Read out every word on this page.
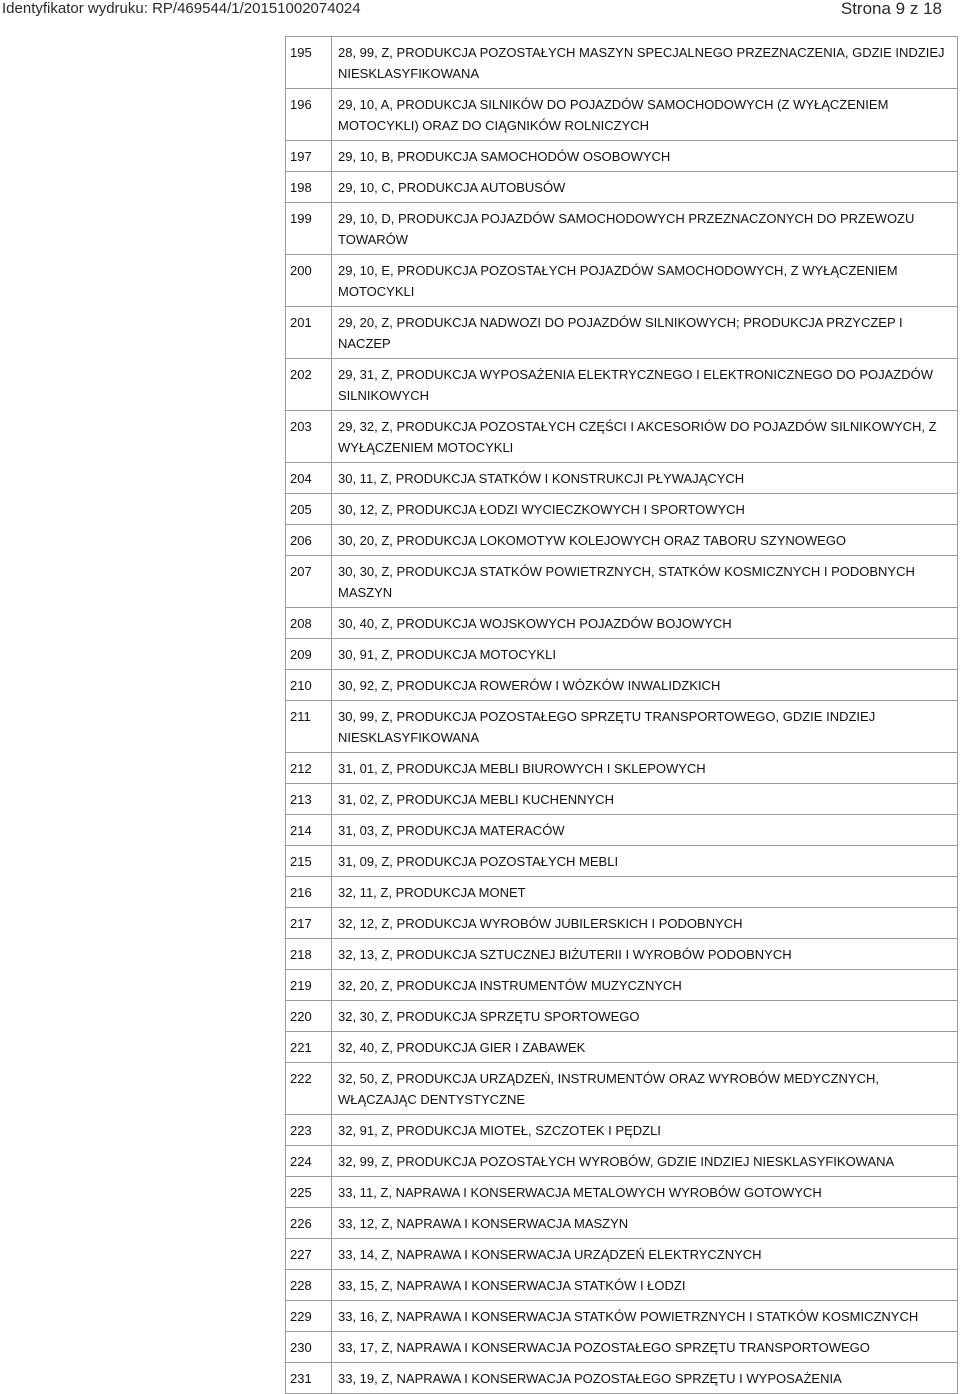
Identyfikator wydruku: RP/469544/1/20151002074024	Strona 9 z 18
195	28, 99, Z, PRODUKCJA POZOSTAŁYCH MASZYN SPECJALNEGO PRZEZNACZENIA, GDZIE INDZIEJ NIESKLASYFIKOWANA
196	29, 10, A, PRODUKCJA SILNIKÓW DO POJAZDÓW SAMOCHODOWYCH (Z WYŁĄCZENIEM MOTOCYKLI) ORAZ DO CIĄGNIKÓW ROLNICZYCH
197	29, 10, B, PRODUKCJA SAMOCHODÓW OSOBOWYCH
198	29, 10, C, PRODUKCJA AUTOBUSÓW
199	29, 10, D, PRODUKCJA POJAZDÓW SAMOCHODOWYCH PRZEZNACZONYCH DO PRZEWOZU TOWARÓW
200	29, 10, E, PRODUKCJA POZOSTAŁYCH POJAZDÓW SAMOCHODOWYCH, Z WYŁĄCZENIEM MOTOCYKLI
201	29, 20, Z, PRODUKCJA NADWOZI DO POJAZDÓW SILNIKOWYCH; PRODUKCJA PRZYCZEP I NACZEP
202	29, 31, Z, PRODUKCJA WYPOSAŻENIA ELEKTRYCZNEGO I ELEKTRONICZNEGO DO POJAZDÓW SILNIKOWYCH
203	29, 32, Z, PRODUKCJA POZOSTAŁYCH CZĘŚCI I AKCESORIÓW DO POJAZDÓW SILNIKOWYCH, Z WYŁĄCZENIEM MOTOCYKLI
204	30, 11, Z, PRODUKCJA STATKÓW I KONSTRUKCJI PŁYWAJĄCYCH
205	30, 12, Z, PRODUKCJA ŁODZI WYCIECZKOWYCH I SPORTOWYCH
206	30, 20, Z, PRODUKCJA LOKOMOTYW KOLEJOWYCH ORAZ TABORU SZYNOWEGO
207	30, 30, Z, PRODUKCJA STATKÓW POWIETRZNYCH, STATKÓW KOSMICZNYCH I PODOBNYCH MASZYN
208	30, 40, Z, PRODUKCJA WOJSKOWYCH POJAZDÓW BOJOWYCH
209	30, 91, Z, PRODUKCJA MOTOCYKLI
210	30, 92, Z, PRODUKCJA ROWERÓW I WÓZKÓW INWALIDZKICH
211	30, 99, Z, PRODUKCJA POZOSTAŁEGO SPRZĘTU TRANSPORTOWEGO, GDZIE INDZIEJ NIESKLASYFIKOWANA
212	31, 01, Z, PRODUKCJA MEBLI BIUROWYCH I SKLEPOWYCH
213	31, 02, Z, PRODUKCJA MEBLI KUCHENNYCH
214	31, 03, Z, PRODUKCJA MATERACÓW
215	31, 09, Z, PRODUKCJA POZOSTAŁYCH MEBLI
216	32, 11, Z, PRODUKCJA MONET
217	32, 12, Z, PRODUKCJA WYROBÓW JUBILERSKICH I PODOBNYCH
218	32, 13, Z, PRODUKCJA SZTUCZNEJ BIŻUTERII I WYROBÓW PODOBNYCH
219	32, 20, Z, PRODUKCJA INSTRUMENTÓW MUZYCZNYCH
220	32, 30, Z, PRODUKCJA SPRZĘTU SPORTOWEGO
221	32, 40, Z, PRODUKCJA GIER I ZABAWEK
222	32, 50, Z, PRODUKCJA URZĄDZEŃ, INSTRUMENTÓW ORAZ WYROBÓW MEDYCZNYCH, WŁĄCZAJĄC DENTYSTYCZNE
223	32, 91, Z, PRODUKCJA MIOTEŁ, SZCZOTEK I PĘDZLI
224	32, 99, Z, PRODUKCJA POZOSTAŁYCH WYROBÓW, GDZIE INDZIEJ NIESKLASYFIKOWANA
225	33, 11, Z, NAPRAWA I KONSERWACJA METALOWYCH WYROBÓW GOTOWYCH
226	33, 12, Z, NAPRAWA I KONSERWACJA MASZYN
227	33, 14, Z, NAPRAWA I KONSERWACJA URZĄDZEŃ ELEKTRYCZNYCH
228	33, 15, Z, NAPRAWA I KONSERWACJA STATKÓW I ŁODZI
229	33, 16, Z, NAPRAWA I KONSERWACJA STATKÓW POWIETRZNYCH I STATKÓW KOSMICZNYCH
230	33, 17, Z, NAPRAWA I KONSERWACJA POZOSTAŁEGO SPRZĘTU TRANSPORTOWEGO
231	33, 19, Z, NAPRAWA I KONSERWACJA POZOSTAŁEGO SPRZĘTU I WYPOSAŻENIA
